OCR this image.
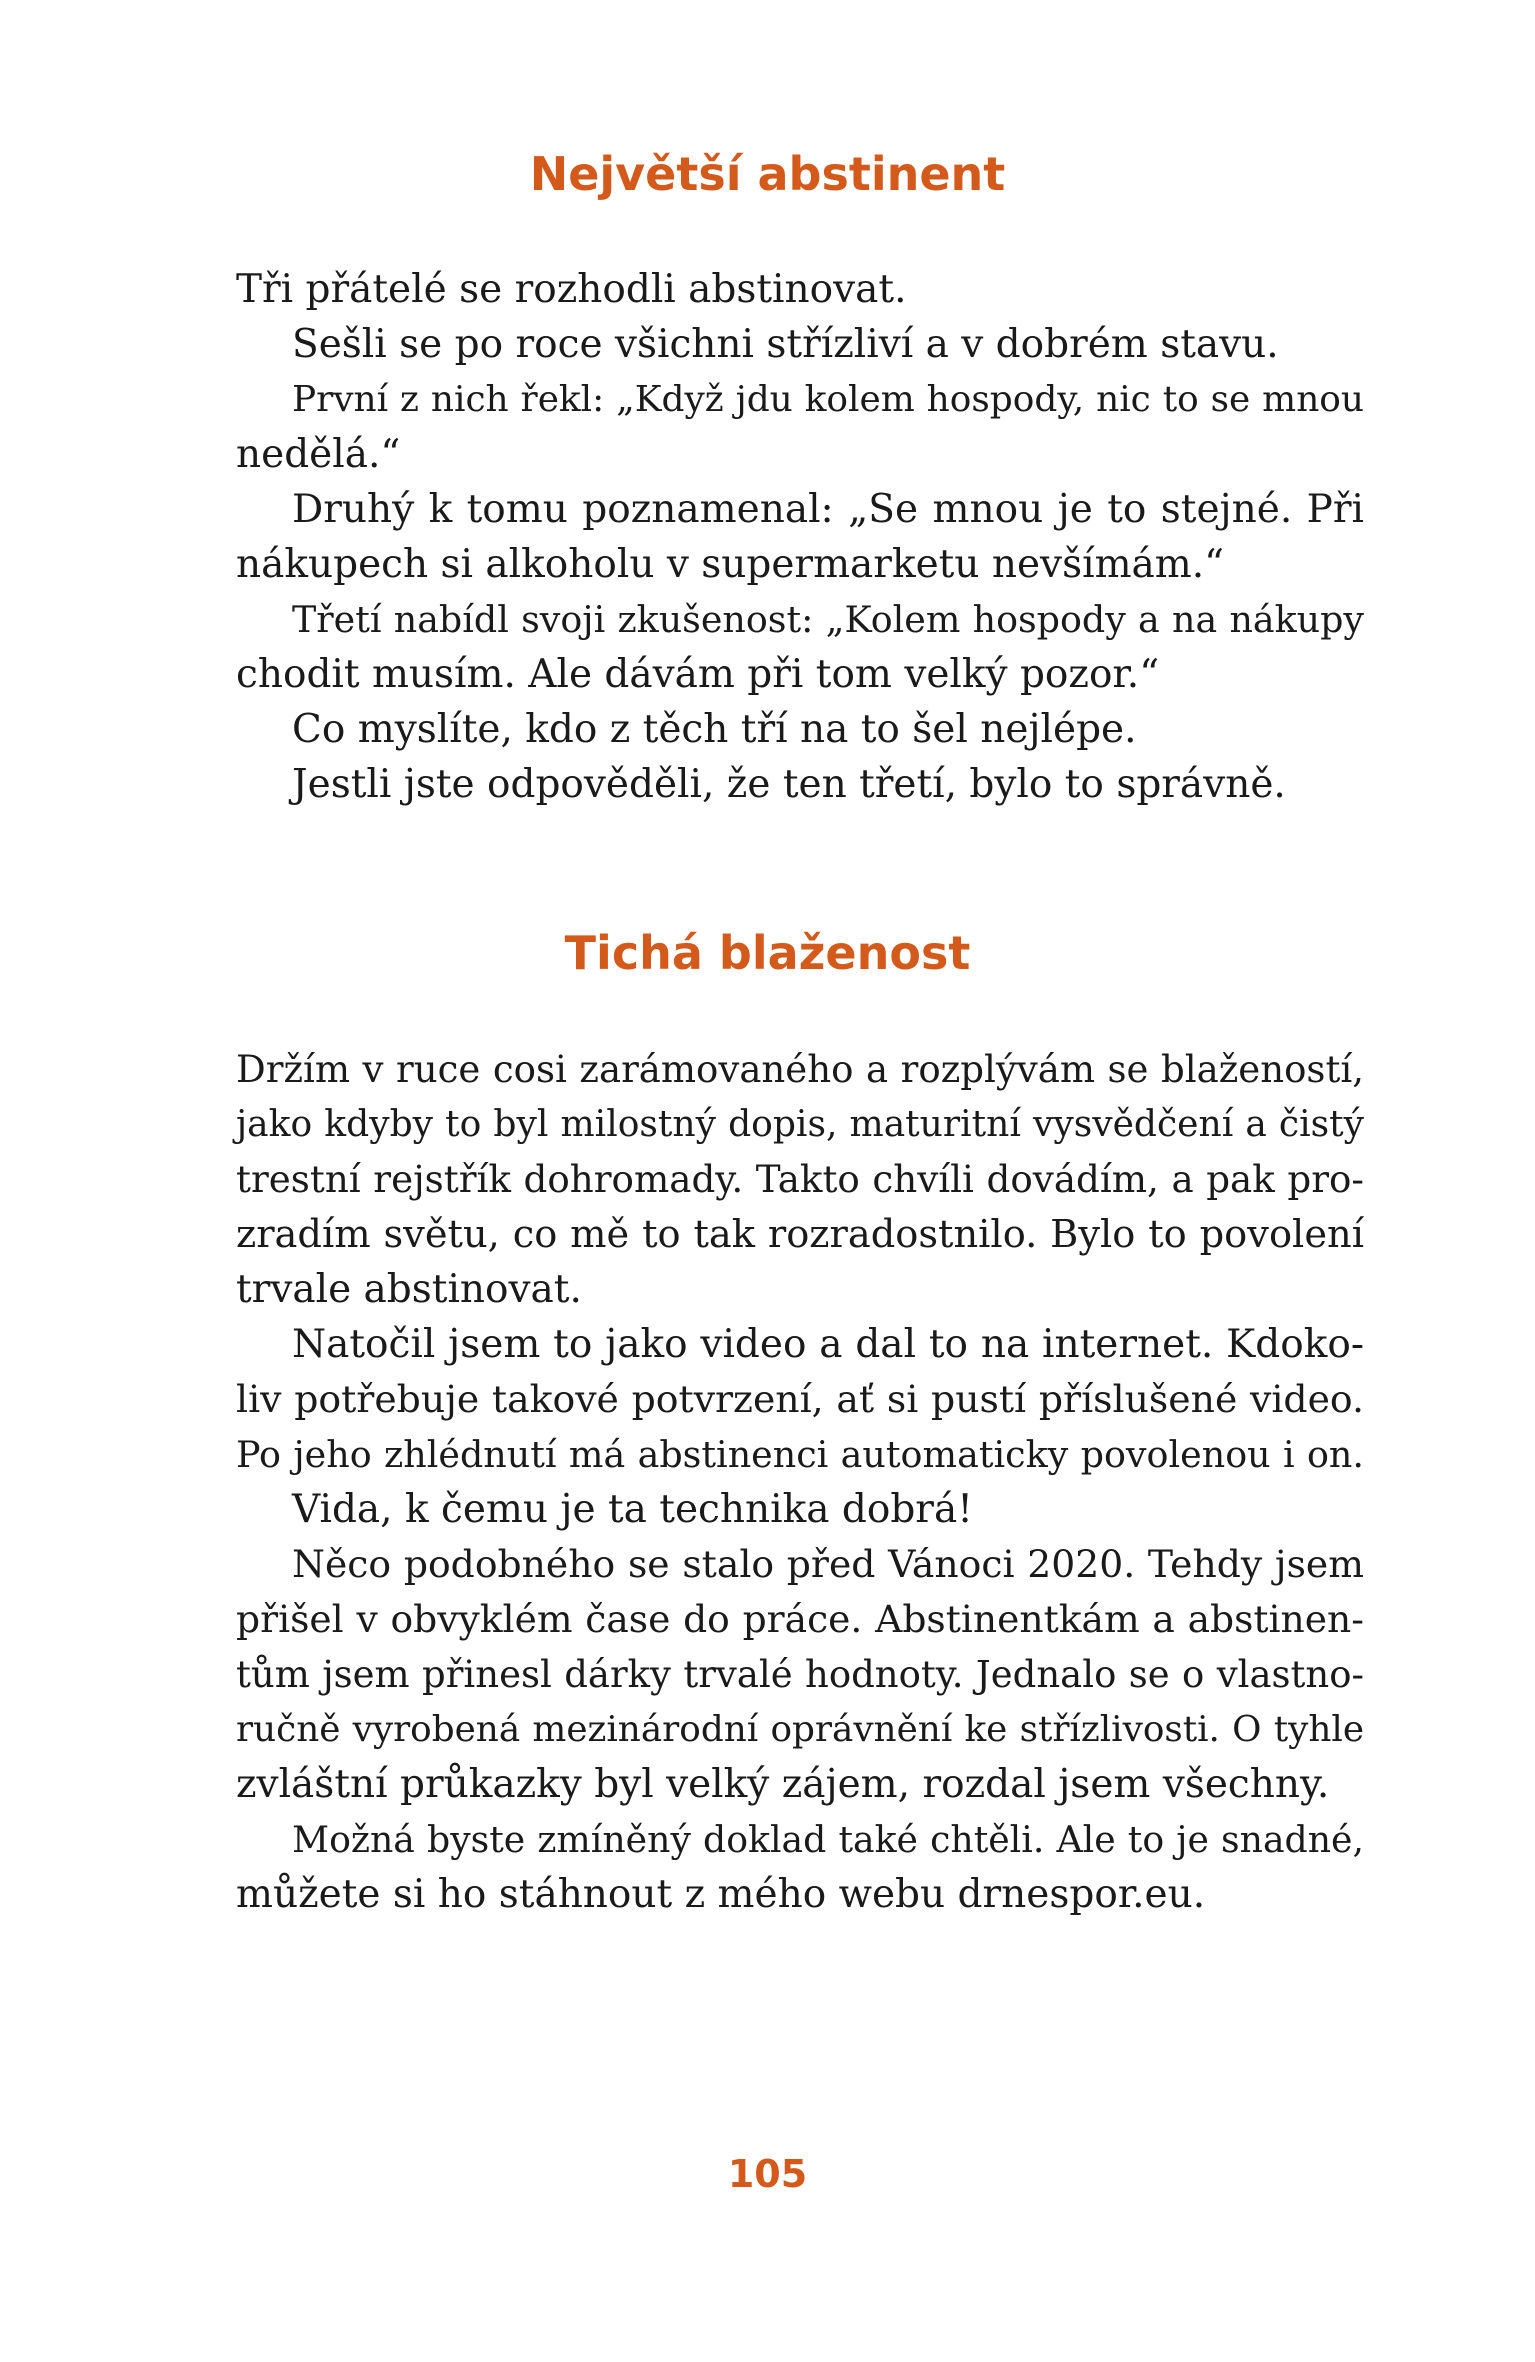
Největší abstinent
Tři přátelé se rozhodli abstinovat.
Sešli se po roce všichni střízliví a v dobrém stavu.
První z nich řekl: „Když jdu kolem hospody, nic to se mnou
nedělá.“
Druhý k tomu poznamenal: „Se mnou je to stejné. Při
nákupech si alkoholu v supermarketu nevšímám.“
Třetí nabídl svoji zkušenost: „Kolem hospody a na nákupy
chodit musím. Ale dávám při tom velký pozor.“
Co myslíte, kdo z těch tří na to šel nejlépe.
Jestli jste odpověděli, že ten třetí, bylo to správně.
Tichá blaženost
Držím v ruce cosi zarámovaného a rozplývám se blažeností,
jako kdyby to byl milostný dopis, maturitní vysvědčení a čistý
trestní rejstřík dohromady. Takto chvíli dovádím, a pak pro-
zradím světu, co mě to tak rozradostnilo. Bylo to povolení
trvale abstinovat.
Natočil jsem to jako video a dal to na internet. Kdoko-
liv potřebuje takové potvrzení, ať si pustí příslušené video.
Po jeho zhlédnutí má abstinenci automaticky povolenou i on.
Vida, k čemu je ta technika dobrá!
Něco podobného se stalo před Vánoci 2020. Tehdy jsem
přišel v obvyklém čase do práce. Abstinentkám a abstinen-
tům jsem přinesl dárky trvalé hodnoty. Jednalo se o vlastno-
ručně vyrobená mezinárodní oprávnění ke střízlivosti. O tyhle
zvláštní průkazky byl velký zájem, rozdal jsem všechny.
Možná byste zmíněný doklad také chtěli. Ale to je snadné,
můžete si ho stáhnout z mého webu drnespor.eu.
105
